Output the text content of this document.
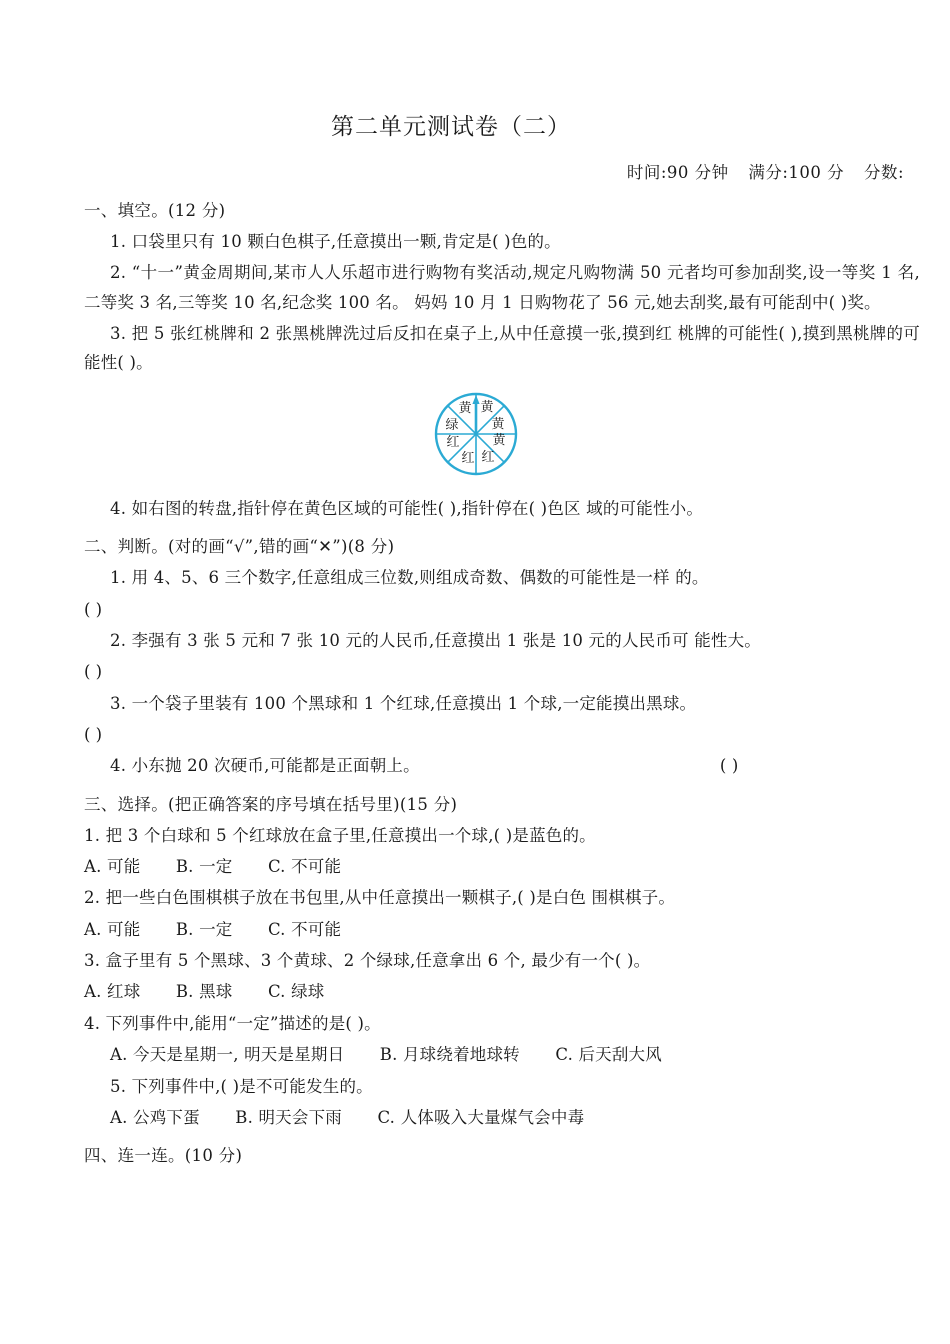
第二单元测试卷（二）
时间:90 分钟 满分:100 分 分数:
一、填空。(12 分)

1. 口袋里只有 10 颗白色棋子,任意摸出一颗,肯定是( )色的。

2. “十一”黄金周期间,某市人人乐超市进行购物有奖活动,规定凡购物满 50 元者均可参加刮奖,设一等奖 1 名,二等奖 3 名,三等奖 10 名,纪念奖 100 名。 妈妈 10 月 1 日购物花了 56 元,她去刮奖,最有可能刮中( )奖。

3. 把 5 张红桃牌和 2 张黑桃牌洗过后反扣在桌子上,从中任意摸一张,摸到红 桃牌的可能性( ),摸到黑桃牌的可能性( )。

黄 黄
黄
黄
红
红
红
绿

4. 如右图的转盘,指针停在黄色区域的可能性( ),指针停在( )色区 域的可能性小。

二、判断。(对的画“√”,错的画“✕”)(8 分)

1. 用 4、5、6 三个数字,任意组成三位数,则组成奇数、偶数的可能性是一样 的。

( )

2. 李强有 3 张 5 元和 7 张 10 元的人民币,任意摸出 1 张是 10 元的人民币可 能性大。

( )

3. 一个袋子里装有 100 个黑球和 1 个红球,任意摸出 1 个球,一定能摸出黑球。

( )

4. 小东抛 20 次硬币,可能都是正面朝上。	( )

三、选择。(把正确答案的序号填在括号里)(15 分)

1. 把 3 个白球和 5 个红球放在盒子里,任意摸出一个球,( )是蓝色的。

A. 可能 B. 一定 C. 不可能

2. 把一些白色围棋棋子放在书包里,从中任意摸出一颗棋子,( )是白色 围棋棋子。

A. 可能 B. 一定 C. 不可能

3. 盒子里有 5 个黑球、3 个黄球、2 个绿球,任意拿出 6 个, 最少有一个( )。

A. 红球 B. 黑球 C. 绿球

4. 下列事件中,能用“一定”描述的是( )。

A. 今天是星期一, 明天是星期日 B. 月球绕着地球转 C. 后天刮大风

5. 下列事件中,( )是不可能发生的。

A. 公鸡下蛋 B. 明天会下雨 C. 人体吸入大量煤气会中毒

四、连一连。(10 分)
